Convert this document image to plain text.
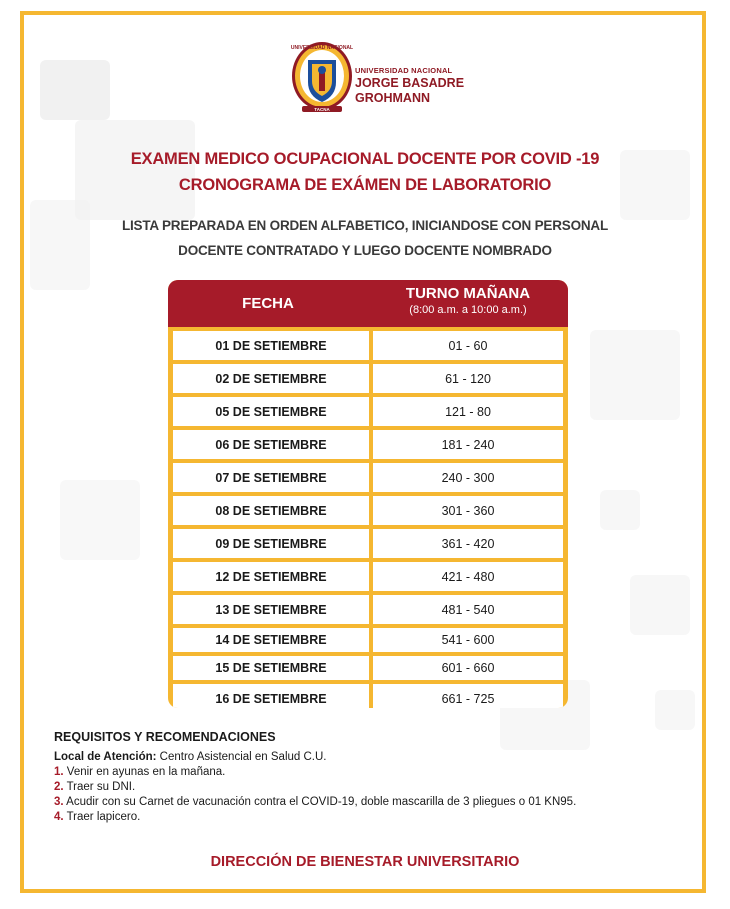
UNIVERSIDAD NACIONAL
TACNA
UNIVERSIDAD NACIONAL
JORGE BASADRE
GROHMANN
EXAMEN MEDICO OCUPACIONAL DOCENTE POR COVID -19
CRONOGRAMA DE EXÁMEN DE LABORATORIO
LISTA PREPARADA EN ORDEN ALFABETICO, INICIANDOSE CON PERSONAL
DOCENTE CONTRATADO Y LUEGO DOCENTE NOMBRADO
FECHA
TURNO MAÑANA
(8:00 a.m. a 10:00 a.m.)
01 DE SETIEMBRE	01 - 60
02 DE SETIEMBRE	61 - 120
05 DE SETIEMBRE	121 - 80
06 DE SETIEMBRE	181 - 240
07 DE SETIEMBRE	240 - 300
08 DE SETIEMBRE	301 - 360
09 DE SETIEMBRE	361 - 420
12 DE SETIEMBRE	421 - 480
13 DE SETIEMBRE	481 - 540
14 DE SETIEMBRE	541 - 600
15 DE SETIEMBRE	601 - 660
16 DE SETIEMBRE	661 - 725
REQUISITOS Y RECOMENDACIONES
Local de Atención: Centro Asistencial en Salud C.U.
1. Venir en ayunas en la mañana.
2. Traer su DNI.
3. Acudir con su Carnet de vacunación contra el COVID-19, doble mascarilla de 3 pliegues o 01 KN95.
4. Traer lapicero.
DIRECCIÓN DE BIENESTAR UNIVERSITARIO
